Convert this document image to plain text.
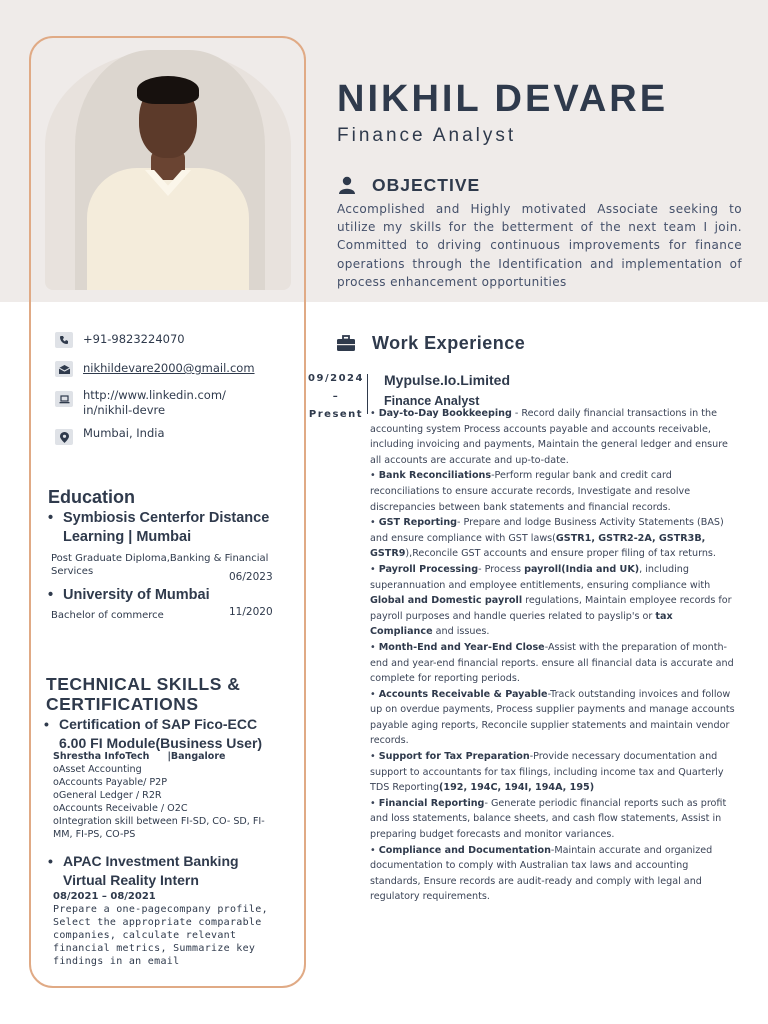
NIKHIL DEVARE
Finance Analyst
OBJECTIVE
Accomplished and Highly motivated Associate seeking to utilize my skills for the betterment of the next team I join. Committed to driving continuous improvements for finance operations through the Identification and implementation of process enhancement opportunities
+91-9823224070
nikhildevare2000@gmail.com
http://www.linkedin.com/
in/nikhil-devre
Mumbai, India
Education
• Symbiosis Centerfor Distance
Learning | Mumbai
Post Graduate Diploma,Banking & Financial
Services	06/2023
• University of Mumbai
Bachelor of commerce	11/2020
TECHNICAL SKILLS &
CERTIFICATIONS
• Certification of SAP Fico-ECC
6.00 FI Module(Business User)
Shrestha InfoTech |Bangalore
oAsset Accounting
oAccounts Payable/ P2P
oGeneral Ledger / R2R
oAccounts Receivable / O2C
oIntegration skill between FI-SD, CO- SD, FI-
MM, FI-PS, CO-PS
• APAC Investment Banking
Virtual Reality Intern
08/2021 – 08/2021
Prepare a one-pagecompany profile,
Select the appropriate comparable
companies, calculate relevant
financial metrics, Summarize key
findings in an email
Work Experience
09/2024
–
Present
Mypulse.Io.Limited
Finance Analyst

• Day-to-Day Bookkeeping - Record daily financial transactions in the accounting system Process accounts payable and accounts receivable, including invoicing and payments, Maintain the general ledger and ensure all accounts are accurate and up-to-date.

• Bank Reconciliations-Perform regular bank and credit card reconciliations to ensure accurate records, Investigate and resolve discrepancies between bank statements and financial records.

• GST Reporting- Prepare and lodge Business Activity Statements (BAS) and ensure compliance with GST laws(GSTR1, GSTR2-2A, GSTR3B, GSTR9),Reconcile GST accounts and ensure proper filing of tax returns.

• Payroll Processing- Process payroll(India and UK), including superannuation and employee entitlements, ensuring compliance with Global and Domestic payroll regulations, Maintain employee records for payroll purposes and handle queries related to payslip's or tax Compliance and issues.

• Month-End and Year-End Close-Assist with the preparation of month-end and year-end financial reports. ensure all financial data is accurate and complete for reporting periods.

• Accounts Receivable & Payable-Track outstanding invoices and follow up on overdue payments, Process supplier payments and manage accounts payable aging reports, Reconcile supplier statements and maintain vendor records.

• Support for Tax Preparation-Provide necessary documentation and support to accountants for tax filings, including income tax and Quarterly TDS Reporting(192, 194C, 194I, 194A, 195)

• Financial Reporting- Generate periodic financial reports such as profit and loss statements, balance sheets, and cash flow statements, Assist in preparing budget forecasts and monitor variances.

• Compliance and Documentation-Maintain accurate and organized documentation to comply with Australian tax laws and accounting standards, Ensure records are audit-ready and comply with legal and regulatory requirements.
